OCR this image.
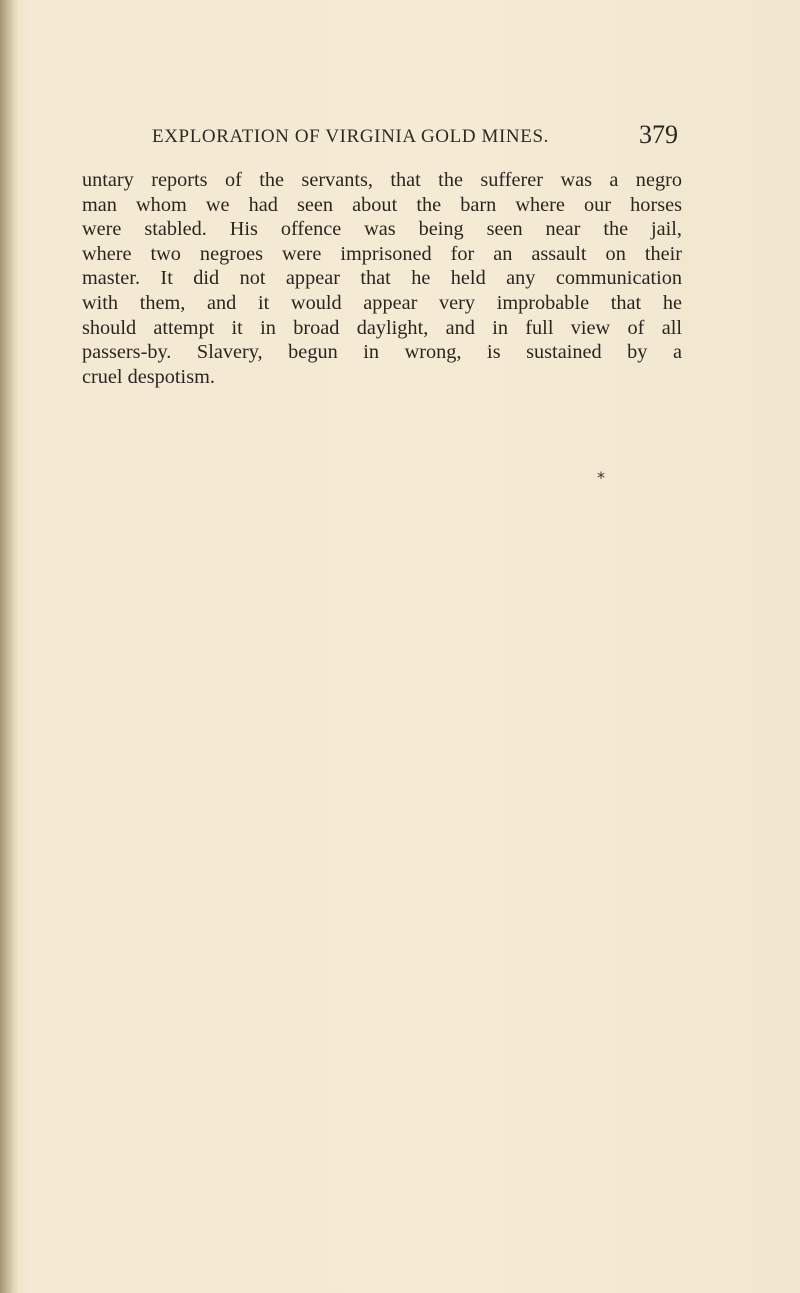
EXPLORATION OF VIRGINIA GOLD MINES.	379
untary reports of the servants, that the sufferer was a negro
man whom we had seen about the barn where our horses
were stabled. His offence was being seen near the jail,
where two negroes were imprisoned for an assault on their
master. It did not appear that he held any communication
with them, and it would appear very improbable that he
should attempt it in broad daylight, and in full view of all
passers-by. Slavery, begun in wrong, is sustained by a
cruel despotism.
*
